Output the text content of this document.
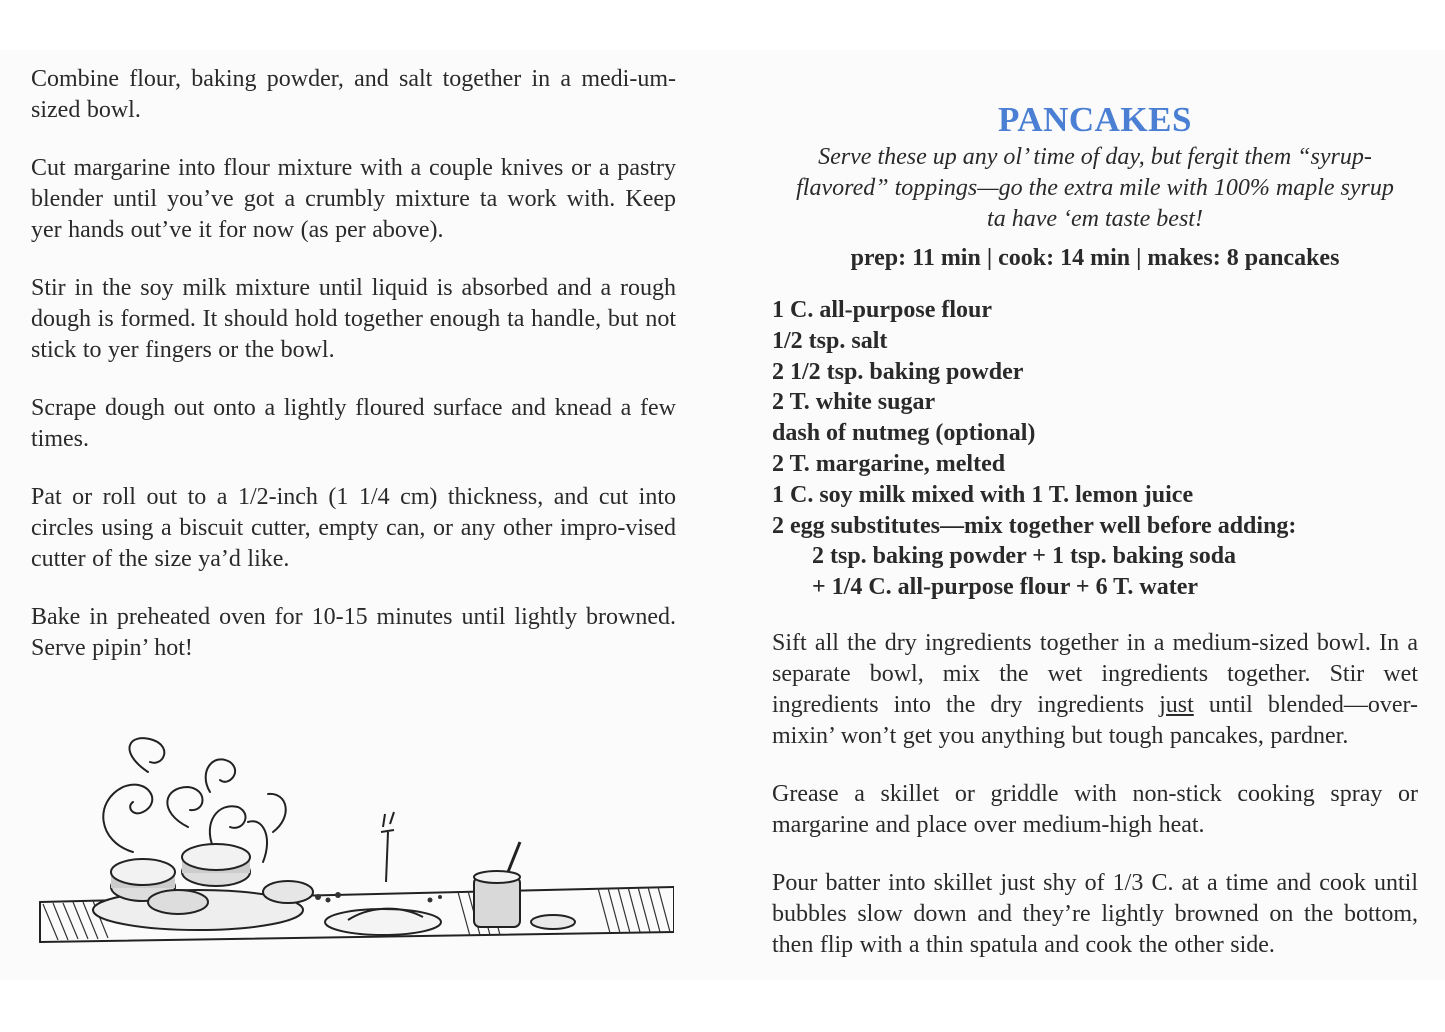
Combine flour, baking powder, and salt together in a medi-um-sized bowl.

Cut margarine into flour mixture with a couple knives or a pastry blender until you’ve got a crumbly mixture ta work with. Keep yer hands out’ve it for now (as per above).

Stir in the soy milk mixture until liquid is absorbed and a rough dough is formed. It should hold together enough ta handle, but not stick to yer fingers or the bowl.

Scrape dough out onto a lightly floured surface and knead a few times.

Pat or roll out to a 1/2-inch (1 1/4 cm) thickness, and cut into circles using a biscuit cutter, empty can, or any other impro-vised cutter of the size ya’d like.

Bake in preheated oven for 10-15 minutes until lightly browned. Serve pipin’ hot!

PANCAKES
Serve these up any ol’ time of day, but fergit them “syrup-flavored” toppings—go the extra mile with 100% maple syrup ta have ‘em taste best!
prep: 11 min | cook: 14 min | makes: 8 pancakes
1 C. all-purpose flour
1/2 tsp. salt
2 1/2 tsp. baking powder
2 T. white sugar
dash of nutmeg (optional)
2 T. margarine, melted
1 C. soy milk mixed with 1 T. lemon juice
2 egg substitutes—mix together well before adding:
2 tsp. baking powder + 1 tsp. baking soda
+ 1/4 C. all-purpose flour + 6 T. water

Sift all the dry ingredients together in a medium-sized bowl. In a separate bowl, mix the wet ingredients together. Stir wet ingredients into the dry ingredients just until blended—over-mixin’ won’t get you anything but tough pancakes, pardner.

Grease a skillet or griddle with non-stick cooking spray or margarine and place over medium-high heat.

Pour batter into skillet just shy of 1/3 C. at a time and cook until bubbles slow down and they’re lightly browned on the bottom, then flip with a thin spatula and cook the other side.
